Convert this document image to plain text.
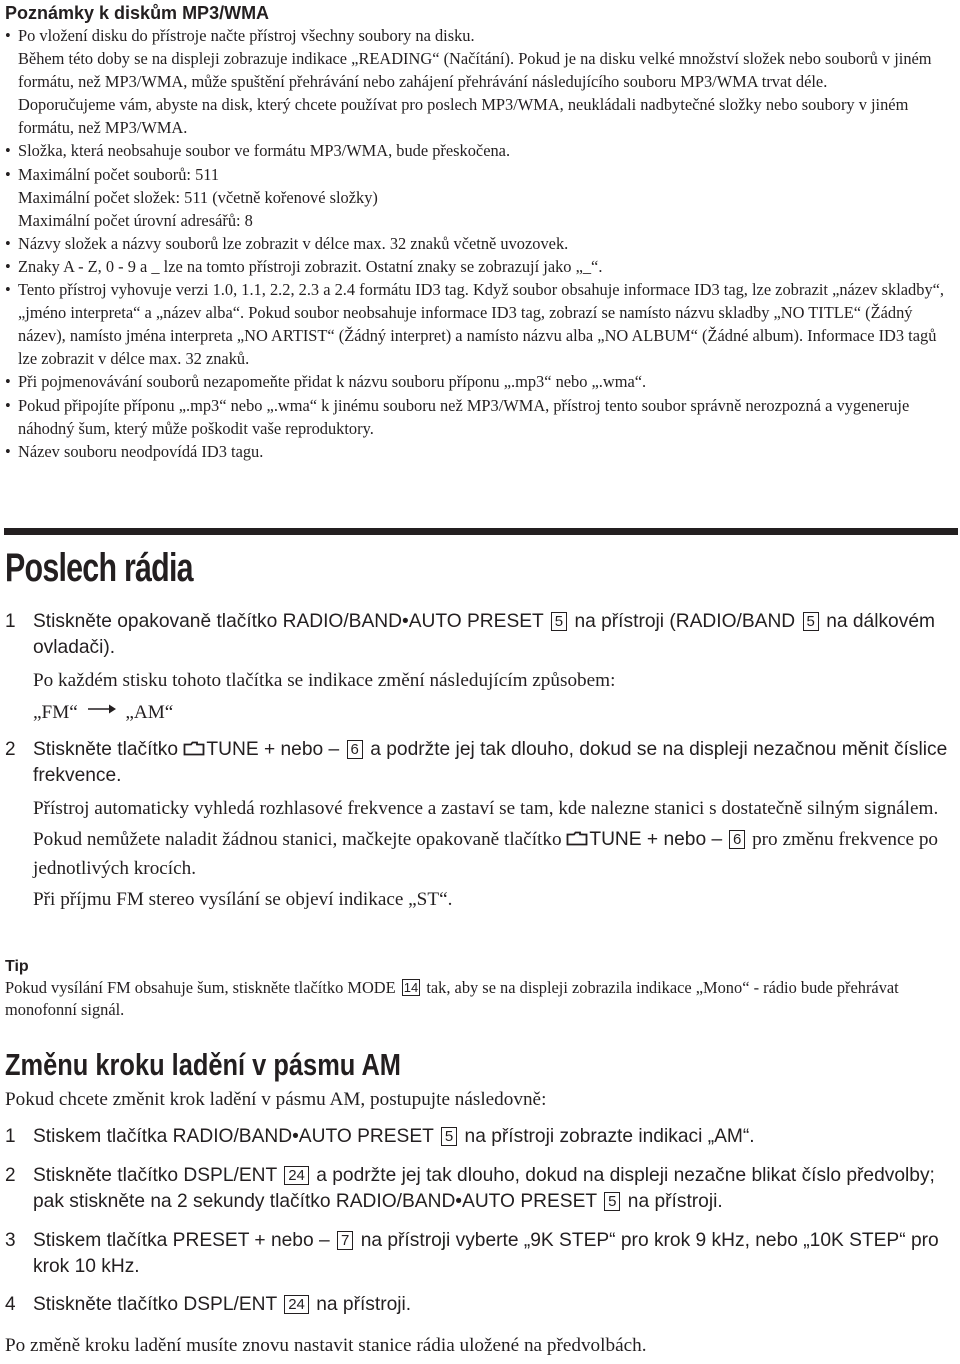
Poznámky k diskům MP3/WMA
• Po vložení disku do přístroje načte přístroj všechny soubory na disku.
Během této doby se na displeji zobrazuje indikace „READING“ (Načítání). Pokud je na disku velké množství složek nebo souborů v jiném formátu, než MP3/WMA, může spuštění přehrávání nebo zahájení přehrávání následujícího souboru MP3/WMA trvat déle.
Doporučujeme vám, abyste na disk, který chcete používat pro poslech MP3/WMA, neukládali nadbytečné složky nebo soubory v jiném formátu, než MP3/WMA.
• Složka, která neobsahuje soubor ve formátu MP3/WMA, bude přeskočena.
• Maximální počet souborů: 511
Maximální počet složek: 511 (včetně kořenové složky)
Maximální počet úrovní adresářů: 8
• Názvy složek a názvy souborů lze zobrazit v délce max. 32 znaků včetně uvozovek.
• Znaky A - Z, 0 - 9 a _ lze na tomto přístroji zobrazit. Ostatní znaky se zobrazují jako „_“.
• Tento přístroj vyhovuje verzi 1.0, 1.1, 2.2, 2.3 a 2.4 formátu ID3 tag. Když soubor obsahuje informace ID3 tag, lze zobrazit „název skladby“, „jméno interpreta“ a „název alba“. Pokud soubor neobsahuje informace ID3 tag, zobrazí se namísto názvu skladby „NO TITLE“ (Žádný název), namísto jména interpreta „NO ARTIST“ (Žádný interpret) a namísto názvu alba „NO ALBUM“ (Žádné album). Informace ID3 tagů lze zobrazit v délce max. 32 znaků.
• Při pojmenovávání souborů nezapomeňte přidat k názvu souboru příponu „.mp3“ nebo „.wma“.
• Pokud připojíte příponu „.mp3“ nebo „.wma“ k jinému souboru než MP3/WMA, přístroj tento soubor správně nerozpozná a vygeneruje náhodný šum, který může poškodit vaše reproduktory.
• Název souboru neodpovídá ID3 tagu.
Poslech rádia
1 Stiskněte opakovaně tlačítko RADIO/BAND•AUTO PRESET 5 na přístroji (RADIO/BAND 5 na dálkovém ovladači).
Po každém stisku tohoto tlačítka se indikace změní následujícím způsobem:
„FM“ „AM“
2 Stiskněte tlačítko TUNE + nebo – 6 a podržte jej tak dlouho, dokud se na displeji nezačnou měnit číslice frekvence.
Přístroj automaticky vyhledá rozhlasové frekvence a zastaví se tam, kde nalezne stanici s dostatečně silným signálem.
Pokud nemůžete naladit žádnou stanici, mačkejte opakovaně tlačítko TUNE + nebo – 6 pro změnu frekvence po jednotlivých krocích.
Při příjmu FM stereo vysílání se objeví indikace „ST“.
Tip
Pokud vysílání FM obsahuje šum, stiskněte tlačítko MODE 14 tak, aby se na displeji zobrazila indikace „Mono“ - rádio bude přehrávat monofonní signál.
Změnu kroku ladění v pásmu AM
Pokud chcete změnit krok ladění v pásmu AM, postupujte následovně:
1 Stiskem tlačítka RADIO/BAND•AUTO PRESET 5 na přístroji zobrazte indikaci „AM“.
2 Stiskněte tlačítko DSPL/ENT 24 a podržte jej tak dlouho, dokud na displeji nezačne blikat číslo předvolby; pak stiskněte na 2 sekundy tlačítko RADIO/BAND•AUTO PRESET 5 na přístroji.
3 Stiskem tlačítka PRESET + nebo – 7 na přístroji vyberte „9K STEP“ pro krok 9 kHz, nebo „10K STEP“ pro krok 10 kHz.
4 Stiskněte tlačítko DSPL/ENT 24 na přístroji.
Po změně kroku ladění musíte znovu nastavit stanice rádia uložené na předvolbách.
